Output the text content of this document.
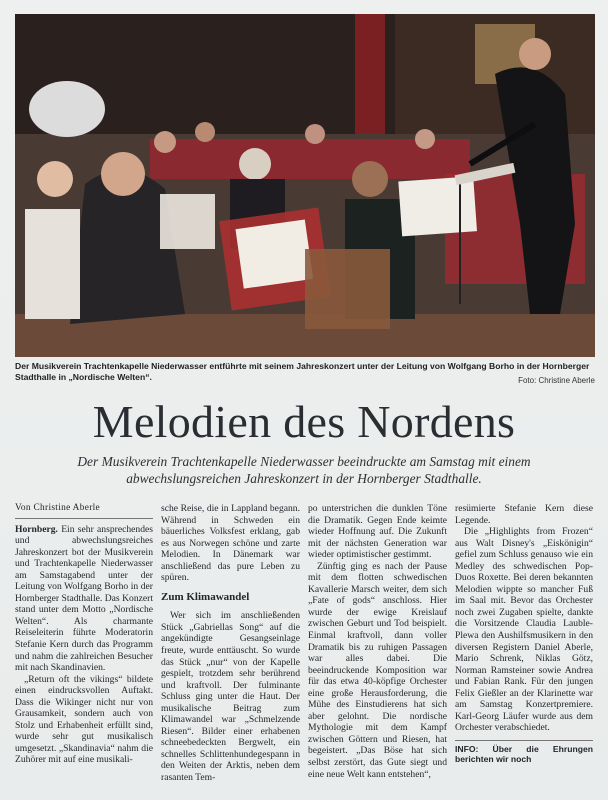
Der Musikverein Trachtenkapelle Niederwasser entführte mit seinem Jahreskonzert unter der Leitung von Wolfgang Borho in der Hornberger Stadthalle in „Nordische Welten“.	Foto: Christine Aberle
Melodien des Nordens
Der Musikverein Trachtenkapelle Niederwasser beeindruckte am Samstag mit einem abwechslungsreichen Jahreskonzert in der Hornberger Stadthalle.
Von Christine Aberle

Hornberg. Ein sehr ansprechendes und abwechslungsreiches Jahreskonzert bot der Musikverein und Trachtenkapelle Niederwasser am Samstagabend unter der Leitung von Wolfgang Borho in der Hornberger Stadthalle. Das Konzert stand unter dem Motto „Nordische Welten“. Als charmante Reiseleiterin führte Moderatorin Stefanie Kern durch das Programm und nahm die zahlreichen Besucher mit nach Skandinavien.

„Return oft the vikings“ bildete einen eindrucksvollen Auftakt. Dass die Wikinger nicht nur von Grausamkeit, sondern auch von Stolz und Erhabenheit erfüllt sind, wurde sehr gut musikalisch umgesetzt. „Skandinavia“ nahm die Zuhörer mit auf eine musikali-

sche Reise, die in Lappland begann. Während in Schweden ein bäuerliches Volksfest erklang, gab es aus Norwegen schöne und zarte Melodien. In Dänemark war anschließend das pure Leben zu spüren.

Zum Klimawandel

Wer sich im anschließenden Stück „Gabriellas Song“ auf die angekündigte Gesangseinlage freute, wurde enttäuscht. So wurde das Stück „nur“ von der Kapelle gespielt, trotzdem sehr berührend und kraftvoll. Der fulminante Schluss ging unter die Haut. Der musikalische Beitrag zum Klimawandel war „Schmelzende Riesen“. Bilder einer erhabenen schneebedeckten Bergwelt, ein schnelles Schlittenhundegespann in den Weiten der Arktis, neben dem rasanten Tem-

po unterstrichen die dunklen Töne die Dramatik. Gegen Ende keimte wieder Hoffnung auf. Die Zukunft mit der nächsten Generation war wieder optimistischer gestimmt.

Zünftig ging es nach der Pause mit dem flotten schwedischen Kavallerie Marsch weiter, dem sich „Fate of gods“ anschloss. Hier wurde der ewige Kreislauf zwischen Geburt und Tod beispielt. Einmal kraftvoll, dann voller Dramatik bis zu ruhigen Passagen war alles dabei. Die beeindruckende Komposition war für das etwa 40-köpfige Orchester eine große Herausforderung, die Mühe des Einstudierens hat sich aber gelohnt. Die nordische Mythologie mit dem Kampf zwischen Göttern und Riesen, hat begeistert. „Das Böse hat sich selbst zerstört, das Gute siegt und eine neue Welt kann entstehen“,

resümierte Stefanie Kern diese Legende.

Die „Highlights from Frozen“ aus Walt Disney's „Eiskönigin“ gefiel zum Schluss genauso wie ein Medley des schwedischen Pop-Duos Roxette. Bei deren bekannten Melodien wippte so mancher Fuß im Saal mit. Bevor das Orchester noch zwei Zugaben spielte, dankte die Vorsitzende Claudia Lauble-Plewa den Aushilfsmusikern in den diversen Registern Daniel Aberle, Mario Schrenk, Niklas Götz, Norman Ramsteiner sowie Andrea und Fabian Rank. Für den jungen Felix Gießler an der Klarinette war am Samstag Konzertpremiere. Karl-Georg Läufer wurde aus dem Orchester verabschiedet.

INFO: Über die Ehrungen berichten wir noch
